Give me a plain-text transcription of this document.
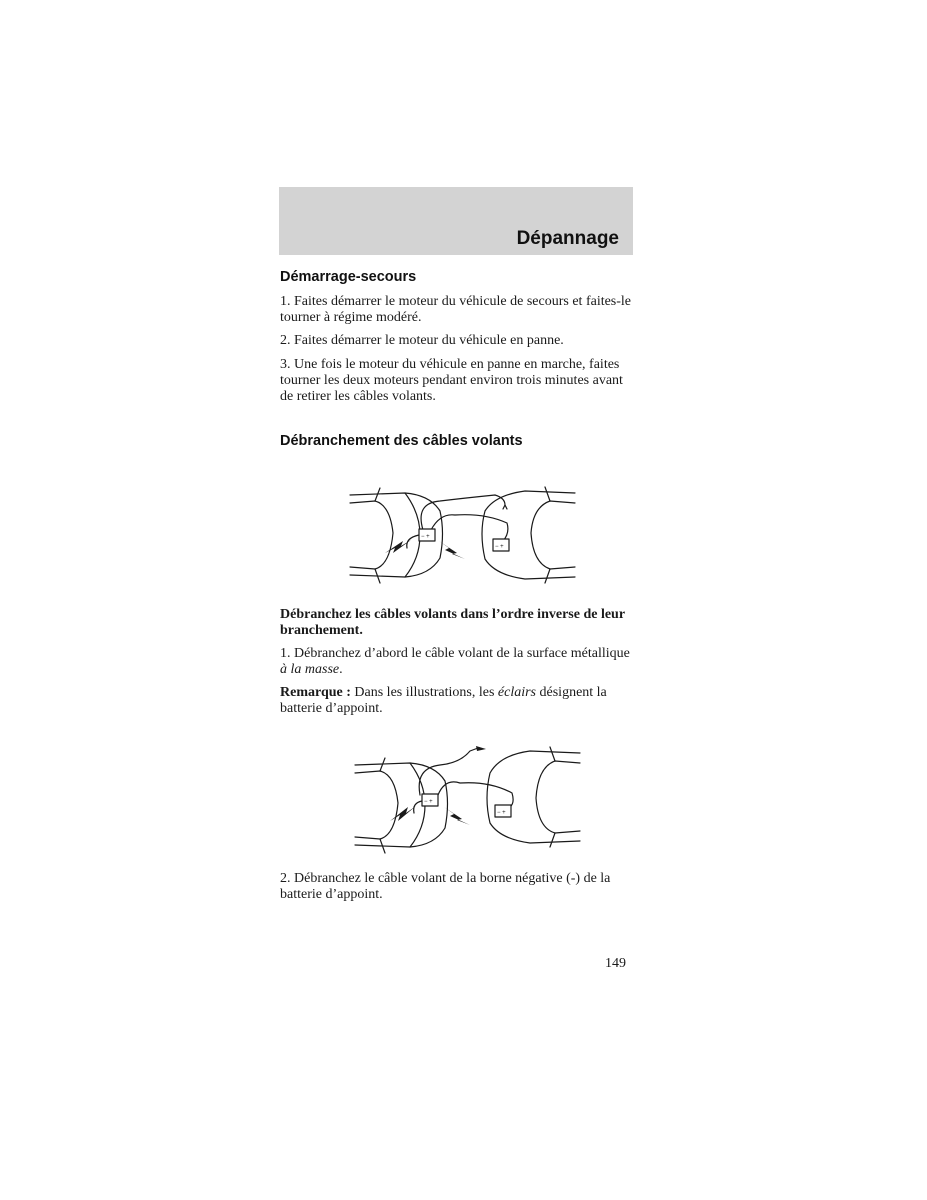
Dépannage
Démarrage-secours

1. Faites démarrer le moteur du véhicule de secours et faites-le tourner à régime modéré.

2. Faites démarrer le moteur du véhicule en panne.

3. Une fois le moteur du véhicule en panne en marche, faites tourner les deux moteurs pendant environ trois minutes avant de retirer les câbles volants.

Débranchement des câbles volants
− +
− +

Débranchez les câbles volants dans l’ordre inverse de leur branchement.

1. Débranchez d’abord le câble volant de la surface métallique à la masse.

Remarque : Dans les illustrations, les éclairs désignent la batterie d’appoint.

− +
− +

2. Débranchez le câble volant de la borne négative (-) de la batterie d’appoint.

149
